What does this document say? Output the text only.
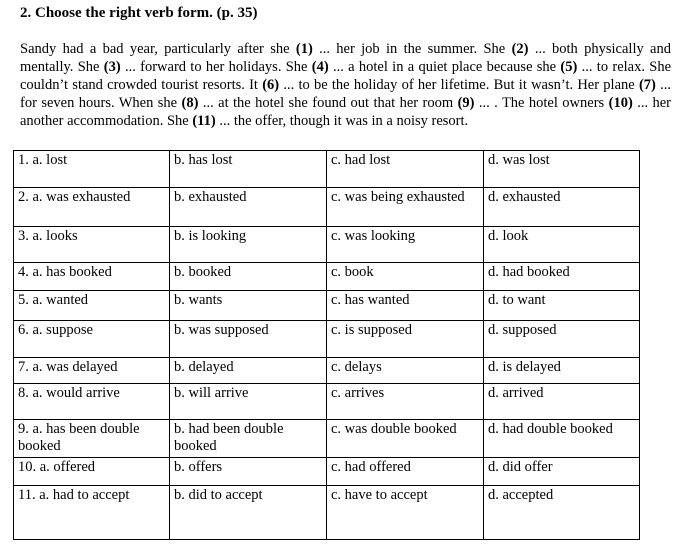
2. Choose the right verb form. (p. 35)
Sandy had a bad year, particularly after she (1) ... her job in the summer. She (2) ... both physically and mentally. She (3) ... forward to her holidays. She (4) ... a hotel in a quiet place because she (5) ... to relax. She couldn’t stand crowded tourist resorts. It (6) ... to be the holiday of her lifetime. But it wasn’t. Her plane (7) ... for seven hours. When she (8) ... at the hotel she found out that her room (9) ... . The hotel owners (10) ... her another accommodation. She (11) ... the offer, though it was in a noisy resort.
1. a. lost	b. has lost	c. had lost	d. was lost
2. a. was exhausted	b. exhausted	c. was being exhausted	d. exhausted
3. a. looks	b. is looking	c. was looking	d. look
4. a. has booked	b. booked	c. book	d. had booked
5. a. wanted	b. wants	c. has wanted	d. to want
6. a. suppose	b. was supposed	c. is supposed	d. supposed
7. a. was delayed	b. delayed	c. delays	d. is delayed
8. a. would arrive	b. will arrive	c. arrives	d. arrived
9. a. has been double booked	b. had been double booked	c. was double booked	d. had double booked
10. a. offered	b. offers	c. had offered	d. did offer
11. a. had to accept	b. did to accept	c. have to accept	d. accepted
